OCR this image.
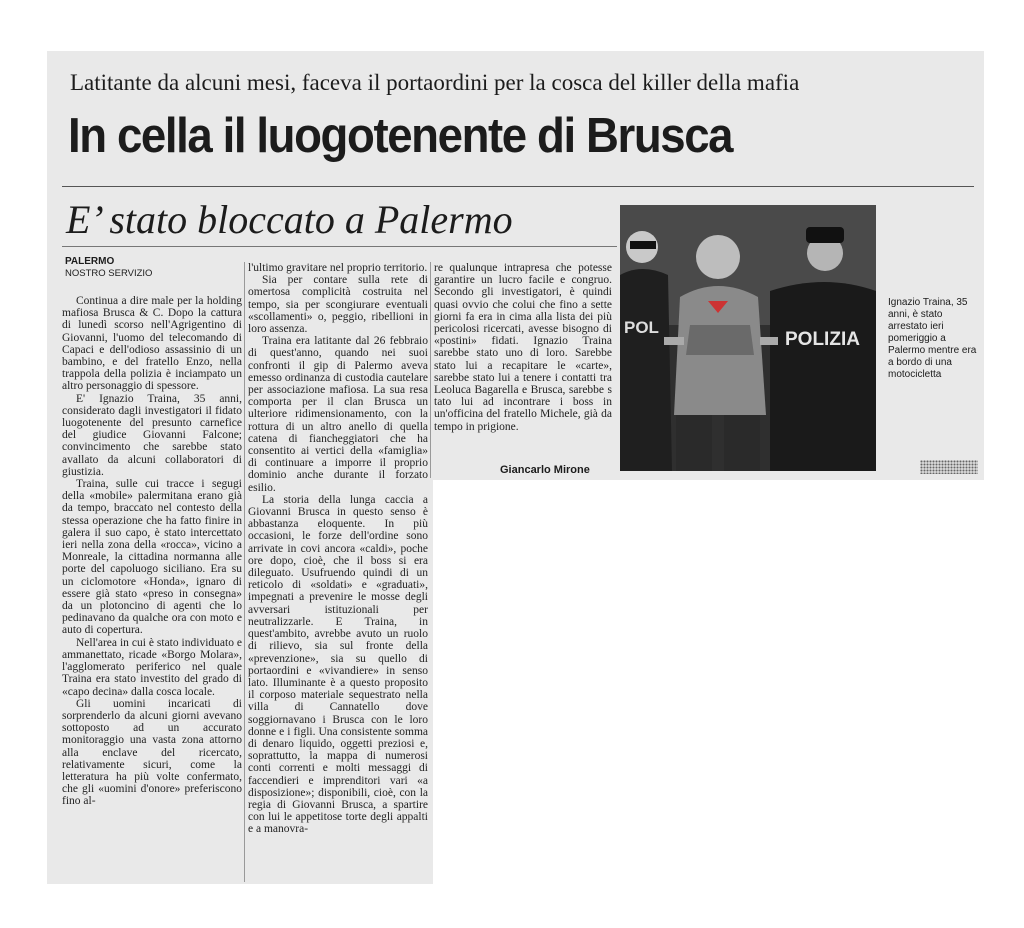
Latitante da alcuni mesi, faceva il portaordini per la cosca del killer della mafia
In cella il luogotenente di Brusca
E’ stato bloccato a Palermo
PALERMO
NOSTRO SERVIZIO

Continua a dire male per la holding mafiosa Brusca & C. Dopo la cattura di lunedì scorso nell'Agrigentino di Giovanni, l'uomo del telecomando di Capaci e dell'odioso assassinio di un bambino, e del fratello Enzo, nella trappola della polizia è inciampato un altro personaggio di spessore.

E' Ignazio Traina, 35 anni, considerato dagli investigatori il fidato luogotenente del presunto carnefice del giudice Giovanni Falcone; convincimento che sarebbe stato avallato da alcuni collaboratori di giustizia.

Traina, sulle cui tracce i segugi della «mobile» palermitana erano già da tempo, braccato nel contesto della stessa operazione che ha fatto finire in galera il suo capo, è stato intercettato ieri nella zona della «rocca», vicino a Monreale, la cittadina normanna alle porte del capoluogo siciliano. Era su un ciclomotore «Honda», ignaro di essere già stato «preso in consegna» da un plotoncino di agenti che lo pedinavano da qualche ora con moto e auto di copertura.

Nell'area in cui è stato individuato e ammanettato, ricade «Borgo Molara», l'agglomerato periferico nel quale Traina era stato investito del grado di «capo decina» dalla cosca locale.

Gli uomini incaricati di sorprenderlo da alcuni giorni avevano sottoposto ad un accurato monitoraggio una vasta zona attorno alla enclave del ricercato, relativamente sicuri, come la letteratura ha più volte confermato, che gli «uomini d'onore» preferiscono fino al-

l'ultimo gravitare nel proprio territorio.

Sia per contare sulla rete di omertosa complicità costruita nel tempo, sia per scongiurare eventuali «scollamenti» o, peggio, ribellioni in loro assenza.

Traina era latitante dal 26 febbraio di quest'anno, quando nei suoi confronti il gip di Palermo aveva emesso ordinanza di custodia cautelare per associazione mafiosa. La sua resa comporta per il clan Brusca un ulteriore ridimensionamento, con la rottura di un altro anello di quella catena di fiancheggiatori che ha consentito ai vertici della «famiglia» di continuare a imporre il proprio dominio anche durante il forzato esilio.

La storia della lunga caccia a Giovanni Brusca in questo senso è abbastanza eloquente. In più occasioni, le forze dell'ordine sono arrivate in covi ancora «caldi», poche ore dopo, cioè, che il boss si era dileguato. Usufruendo quindi di un reticolo di «soldati» e «graduati», impegnati a prevenire le mosse degli avversari istituzionali per neutralizzarle. E Traina, in quest'ambito, avrebbe avuto un ruolo di rilievo, sia sul fronte della «prevenzione», sia su quello di portaordini e «vivandiere» in senso lato. Illuminante è a questo proposito il corposo materiale sequestrato nella villa di Cannatello dove soggiornavano i Brusca con le loro donne e i figli. Una consistente somma di denaro liquido, oggetti preziosi e, soprattutto, la mappa di numerosi conti correnti e molti messaggi di faccendieri e imprenditori vari «a disposizione»; disponibili, cioè, con la regia di Giovanni Brusca, a spartire con lui le appetitose torte degli appalti e a manovra-

re qualunque intrapresa che potesse garantire un lucro facile e congruo. Secondo gli investigatori, è quindi quasi ovvio che colui che fino a sette giorni fa era in cima alla lista dei più pericolosi ricercati, avesse bisogno di «postini» fidati. Ignazio Traina sarebbe stato uno di loro. Sarebbe stato lui a recapitare le «carte», sarebbe stato lui a tenere i contatti tra Leoluca Bagarella e Brusca, sarebbe s tato lui ad incontrare i boss in un'officina del fratello Michele, già da tempo in prigione.

Giancarlo Mirone
POL
POLIZIA
Ignazio Traina, 35 anni, è stato arrestato ieri pomeriggio a Palermo mentre era a bordo di una motocicletta
